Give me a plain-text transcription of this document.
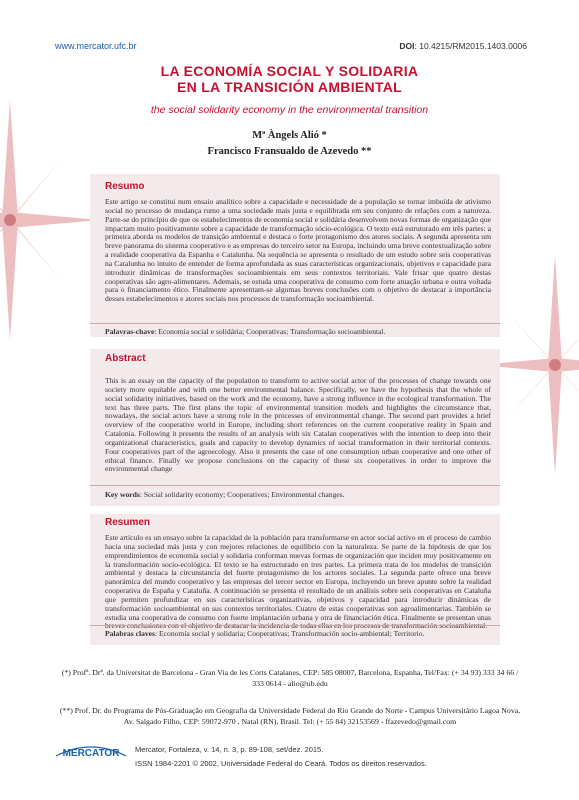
www.mercator.ufc.br	DOI: 10.4215/RM2015.1403.0006
LA ECONOMÍA SOCIAL Y SOLIDARIA
EN LA TRANSICIÓN AMBIENTAL
the social solidarity economy in the environmental transition
Mª Àngels Alió *
Francisco Fransualdo de Azevedo **
Resumo
Este artigo se constitui num ensaio analítico sobre a capacidade e necessidade de a população se tornar imbuída de ativismo social no processo de mudança rumo a uma sociedade mais justa e equilibrada em seu conjunto de relações com a natureza. Parte-se do princípio de que os estabelecimentos de economia social e solidária desenvolvem novas formas de organização que impactam muito positivamente sobre a capacidade de transformação sócio-ecológica. O texto está estruturado em três partes: a primeira aborda os modelos de transição ambiental e destaca o forte protagonismo dos atores sociais. A segunda apresenta um breve panorama do sistema cooperativo e as empresas do terceiro setor na Europa, incluindo uma breve contextualização sobre a realidade cooperativa da Espanha e Catalunha. Na sequência se apresenta o resultado de um estudo sobre seis cooperativas na Catalunha no intuito de entender de forma aprofundada as suas características organizacionais, objetivos e capacidade para introduzir dinâmicas de transformações socioambientais em seus contextos territoriais. Vale frisar que quatro destas cooperativas são agro-alimentares. Ademais, se estuda uma cooperativa de consumo com forte atuação urbana e outra voltada para o financiamento ético. Finalmente apresentam-se algumas breves conclusões com o objetivo de destacar a importância desses estabelecimentos e atores sociais nos processos de transformação socioambiental.
Palavras-chave: Economia social e solidária; Cooperativas; Transformação socioambiental.
Abstract
This is an essay on the capacity of the population to transform to active social actor of the processes of change towards one society more equitable and with one better environmental balance. Specifically, we have the hypothesis that the whole of social solidarity initiatives, based on the work and the economy, have a strong influence in the ecological transformation. The text has three parts. The first plans the topic of environmental transition models and highlights the circumstance that, nowadays, the social actors have a strong role in the processes of environmental change. The second part provides a brief overview of the cooperative world in Europe, including short references on the current cooperative reality in Spain and Catalonia. Following it presents the results of an analysis with six Catalan cooperatives with the intention to deep into their organizational characteristics, goals and capacity to develop dynamics of social transformation in their territorial contexts. Four cooperatives part of the agroecology. Also it presents the case of one consumption urban cooperative and one other of ethical finance. Finally we propose conclusions on the capacity of these six cooperatives in order to improve the environmental change
Key words: Social solidarity economy; Cooperatives; Environmental changes.
Resumen
Este artículo es un ensayo sobre la capacidad de la población para transformarse en actor social activo en el proceso de cambio hacia una sociedad más justa y con mejores relaciones de equilibrio con la naturaleza. Se parte de la hipótesis de que los emprendimientos de economía social y solidaria conforman nuevas formas de organización que inciden muy positivamente en la transformación socio-ecológica. El texto se ha estructurado en tres partes. La primera trata de los modelos de transición ambiental y destaca la circunstancia del fuerte protagonismo de los actores sociales. La segunda parte ofrece una breve panorámica del mundo cooperativo y las empresas del tercer sector en Europa, incluyendo un breve apunte sobre la realidad cooperativa de España y Cataluña. A continuación se presenta el resultado de un análisis sobre seis cooperativas en Cataluña que permiten profundizar en sus características organizativas, objetivos y capacidad para introducir dinámicas de transformación socioambiental en sus contextos territoriales. Cuatro de estas cooperativas son agroalimentarias. También se estudia una cooperativa de consumo con fuerte implantación urbana y otra de financiación ética. Finalmente se presentan unas breves conclusiones con el objetivo de destacar la incidencia de todas ellas en los procesos de transformación socioambiental.
Palabras claves: Economía social y solidaria; Cooperativas; Transformación socio-ambiental; Territorio.
(*) Profª. Drª. da Universitat de Barcelona - Gran Via de les Corts Catalanes, CEP: 585 08007, Barcelona, Espanha, Tel/Fax: (+ 34 93) 333 34 66 / 333 0614 - alio@ub.edu
(**) Prof. Dr. do Programa de Pós-Graduação em Geografia da Universidade Federal do Rio Grande do Norte - Campus Universitário Lagoa Nova, Av. Salgado Filho, CEP: 59072-970 , Natal (RN), Brasil. Tel: (+ 55 84) 32153569 - ffazevedo@gmail.com
MERCATOR Mercator, Fortaleza, v. 14, n. 3, p. 89-108, set/dez. 2015.
ISSN 1984-2201 © 2002, Universidade Federal do Ceará. Todos os direitos reservados.
